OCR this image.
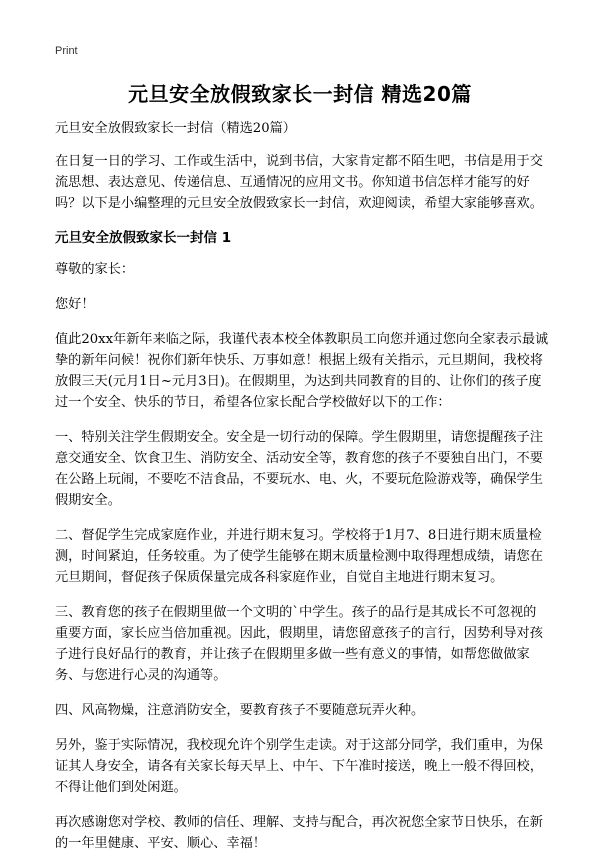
Print
元旦安全放假致家长一封信 精选20篇

元旦安全放假致家长一封信（精选20篇）

在日复一日的学习、工作或生活中，说到书信，大家肯定都不陌生吧，书信是用于交流思想、表达意见、传递信息、互通情况的应用文书。你知道书信怎样才能写的好吗？以下是小编整理的元旦安全放假致家长一封信，欢迎阅读，希望大家能够喜欢。

元旦安全放假致家长一封信 1

尊敬的家长：

您好！

值此20xx年新年来临之际，我谨代表本校全体教职员工向您并通过您向全家表示最诚挚的新年问候！祝你们新年快乐、万事如意！根据上级有关指示，元旦期间，我校将放假三天(元月1日~元月3日)。在假期里，为达到共同教育的目的、让你们的孩子度过一个安全、快乐的节日，希望各位家长配合学校做好以下的工作：

一、特别关注学生假期安全。安全是一切行动的保障。学生假期里，请您提醒孩子注意交通安全、饮食卫生、消防安全、活动安全等，教育您的孩子不要独自出门，不要在公路上玩闹，不要吃不洁食品，不要玩水、电、火，不要玩危险游戏等，确保学生假期安全。

二、督促学生完成家庭作业，并进行期末复习。学校将于1月7、8日进行期末质量检测，时间紧迫，任务较重。为了使学生能够在期末质量检测中取得理想成绩，请您在元旦期间，督促孩子保质保量完成各科家庭作业，自觉自主地进行期末复习。

三、教育您的孩子在假期里做一个文明的`中学生。孩子的品行是其成长不可忽视的重要方面，家长应当倍加重视。因此，假期里，请您留意孩子的言行，因势利导对孩子进行良好品行的教育，并让孩子在假期里多做一些有意义的事情，如帮您做做家务、与您进行心灵的沟通等。

四、风高物燥，注意消防安全，要教育孩子不要随意玩弄火种。

另外，鉴于实际情况，我校现允许个别学生走读。对于这部分同学，我们重申，为保证其人身安全，请各有关家长每天早上、中午、下午准时接送，晚上一般不得回校，不得让他们到处闲逛。

再次感谢您对学校、教师的信任、理解、支持与配合，再次祝您全家节日快乐，在新的一年里健康、平安、顺心、幸福！
